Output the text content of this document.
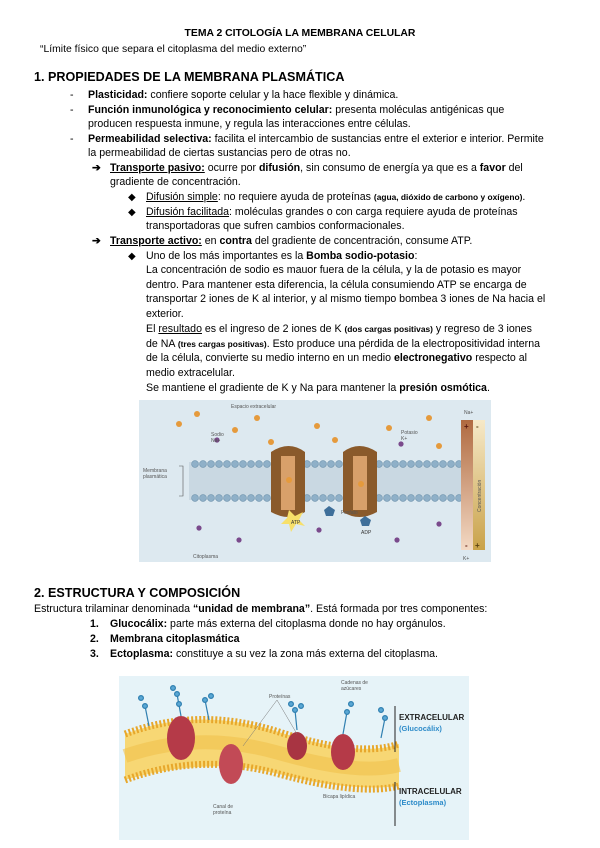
TEMA 2 CITOLOGÍA LA MEMBRANA CELULAR
“Límite físico que separa el citoplasma del medio externo”
1. PROPIEDADES DE LA MEMBRANA PLASMÁTICA
-	Plasticidad: confiere soporte celular y la hace flexible y dinámica.
-	Función inmunológica y reconocimiento celular: presenta moléculas antigénicas que
producen respuesta inmune, y regula las interacciones entre células.
-	Permeabilidad selectiva: facilita el intercambio de sustancias entre el exterior e interior. Permite
la permeabilidad de ciertas sustancias pero de otras no.
➔ Transporte pasivo: ocurre por difusión, sin consumo de energía ya que es a favor del
gradiente de concentración.
◆ Difusión simple: no requiere ayuda de proteínas (agua, dióxido de carbono y oxígeno).
◆ Difusión facilitada: moléculas grandes o con carga requiere ayuda de proteínas
transportadoras que sufren cambios conformacionales.
➔ Transporte activo: en contra del gradiente de concentración, consume ATP.
◆ Uno de los más importantes es la Bomba sodio-potasio:
La concentración de sodio es mauor fuera de la célula, y la de potasio es mayor
dentro. Para mantener esta diferencia, la célula consumiendo ATP se encarga de
transportar 2 iones de K al interior, y al mismo tiempo bombea 3 iones de Na hacia el
exterior.
El resultado es el ingreso de 2 iones de K (dos cargas positivas) y regreso de 3 iones
de NA (tres cargas positivas). Esto produce una pérdida de la electropositividad interna
de la célula, convierte su medio interno en un medio electronegativo respecto al
medio extracelular.
Se mantiene el gradiente de K y Na para mantener la presión osmótica.
Espacio extracelular
Sodio
Na+
Potasio
K+
Membrana
plasmática
ATP
ADP
Fosfato
Citoplasma
Na+
K+
+ -
- +
Concentración
2. ESTRUCTURA Y COMPOSICIÓN
Estructura trilaminar denominada “unidad de membrana”. Está formada por tres componentes:
1. Glucocálix: parte más externa del citoplasma donde no hay orgánulos.
2. Membrana citoplasmática
3. Ectoplasma: constituye a su vez la zona más externa del citoplasma.
Proteínas
Cadenas de
azúcares
Canal de
proteína
Bicapa lipídica
EXTRACELULAR
(Glucocálix)
INTRACELULAR
(Ectoplasma)
